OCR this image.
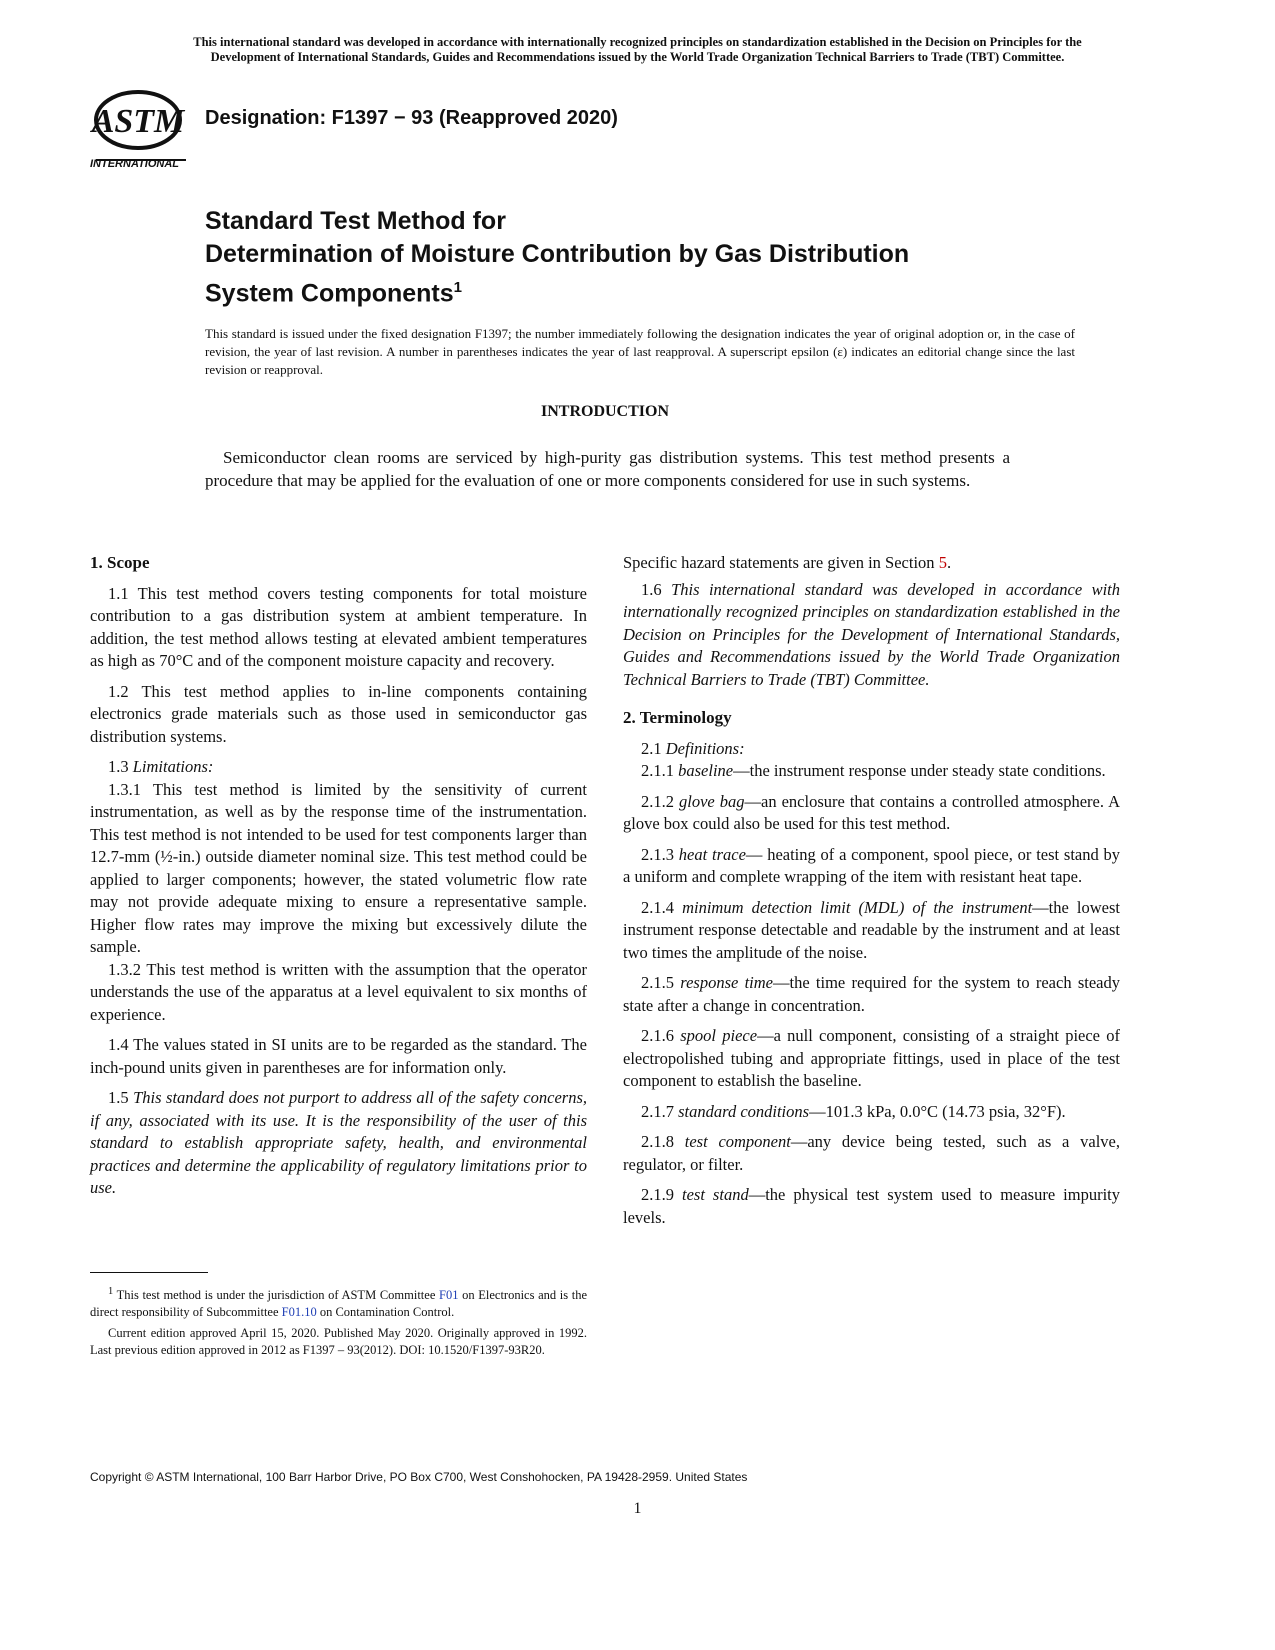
This international standard was developed in accordance with internationally recognized principles on standardization established in the Decision on Principles for the
Development of International Standards, Guides and Recommendations issued by the World Trade Organization Technical Barriers to Trade (TBT) Committee.
ASTM
INTERNATIONAL
Designation: F1397 − 93 (Reapproved 2020)
Standard Test Method for
Determination of Moisture Contribution by Gas Distribution
System Components$^1$
This standard is issued under the fixed designation F1397; the number immediately following the designation indicates the year of original adoption or, in the case of revision, the year of last revision. A number in parentheses indicates the year of last reapproval. A superscript epsilon (ε) indicates an editorial change since the last revision or reapproval.
INTRODUCTION
Semiconductor clean rooms are serviced by high-purity gas distribution systems. This test method presents a procedure that may be applied for the evaluation of one or more components considered for use in such systems.
1. Scope

1.1 This test method covers testing components for total moisture contribution to a gas distribution system at ambient temperature. In addition, the test method allows testing at elevated ambient temperatures as high as 70°C and of the component moisture capacity and recovery.

1.2 This test method applies to in-line components containing electronics grade materials such as those used in semiconductor gas distribution systems.

1.3 Limitations:

1.3.1 This test method is limited by the sensitivity of current instrumentation, as well as by the response time of the instrumentation. This test method is not intended to be used for test components larger than 12.7-mm (½-in.) outside diameter nominal size. This test method could be applied to larger components; however, the stated volumetric flow rate may not provide adequate mixing to ensure a representative sample. Higher flow rates may improve the mixing but excessively dilute the sample.

1.3.2 This test method is written with the assumption that the operator understands the use of the apparatus at a level equivalent to six months of experience.

1.4 The values stated in SI units are to be regarded as the standard. The inch-pound units given in parentheses are for information only.

1.5 This standard does not purport to address all of the safety concerns, if any, associated with its use. It is the responsibility of the user of this standard to establish appropriate safety, health, and environmental practices and determine the applicability of regulatory limitations prior to use.

Specific hazard statements are given in Section 5.

1.6 This international standard was developed in accordance with internationally recognized principles on standardization established in the Decision on Principles for the Development of International Standards, Guides and Recommendations issued by the World Trade Organization Technical Barriers to Trade (TBT) Committee.

2. Terminology

2.1 Definitions:

2.1.1 baseline—the instrument response under steady state conditions.

2.1.2 glove bag—an enclosure that contains a controlled atmosphere. A glove box could also be used for this test method.

2.1.3 heat trace— heating of a component, spool piece, or test stand by a uniform and complete wrapping of the item with resistant heat tape.

2.1.4 minimum detection limit (MDL) of the instrument—the lowest instrument response detectable and readable by the instrument and at least two times the amplitude of the noise.

2.1.5 response time—the time required for the system to reach steady state after a change in concentration.

2.1.6 spool piece—a null component, consisting of a straight piece of electropolished tubing and appropriate fittings, used in place of the test component to establish the baseline.

2.1.7 standard conditions—101.3 kPa, 0.0°C (14.73 psia, 32°F).

2.1.8 test component—any device being tested, such as a valve, regulator, or filter.

2.1.9 test stand—the physical test system used to measure impurity levels.

$^1$ This test method is under the jurisdiction of ASTM Committee F01 on Electronics and is the direct responsibility of Subcommittee F01.10 on Contamination Control.

Current edition approved April 15, 2020. Published May 2020. Originally approved in 1992. Last previous edition approved in 2012 as F1397 – 93(2012). DOI: 10.1520/F1397-93R20.

Copyright © ASTM International, 100 Barr Harbor Drive, PO Box C700, West Conshohocken, PA 19428-2959. United States
1
